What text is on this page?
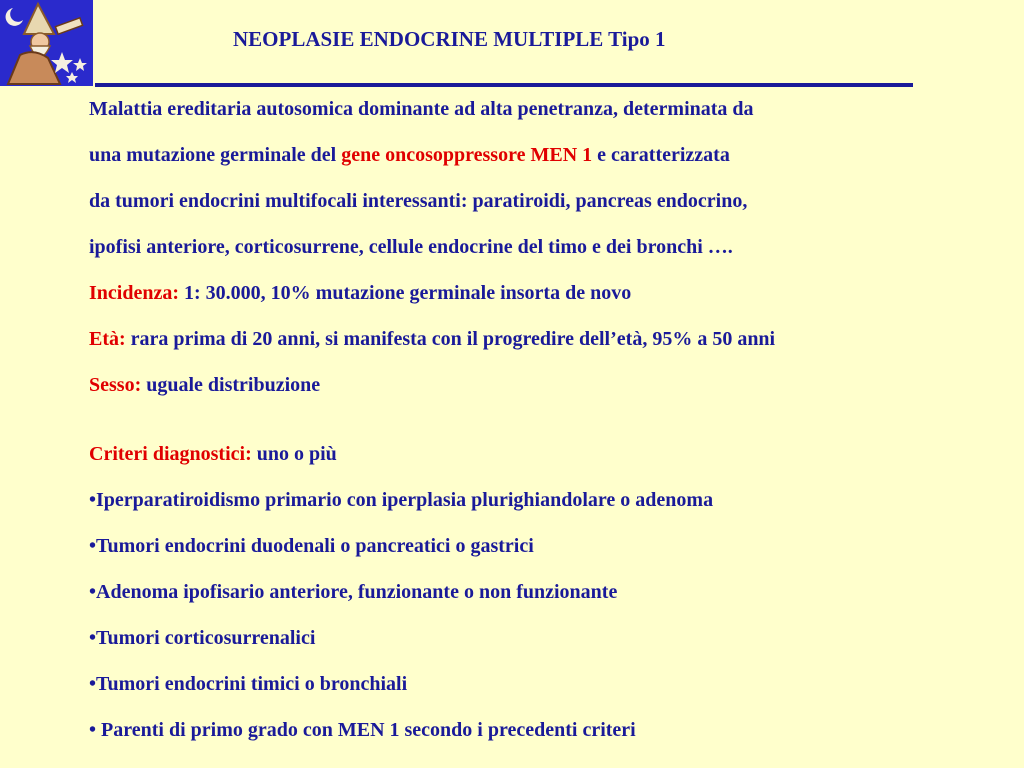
NEOPLASIE ENDOCRINE MULTIPLE Tipo 1
Malattia ereditaria autosomica dominante ad alta penetranza, determinata da
una mutazione germinale del gene oncosoppressore MEN 1 e caratterizzata
da tumori endocrini multifocali interessanti: paratiroidi, pancreas endocrino,
ipofisi anteriore, corticosurrene, cellule endocrine del timo e dei bronchi ….
Incidenza: 1: 30.000, 10% mutazione germinale insorta de novo
Età: rara prima di 20 anni, si manifesta con il progredire dell’età, 95% a 50 anni
Sesso: uguale distribuzione
Criteri diagnostici: uno o più
•Iperparatiroidismo primario con iperplasia plurighiandolare o adenoma
•Tumori endocrini duodenali o pancreatici o gastrici
•Adenoma ipofisario anteriore, funzionante o non funzionante
•Tumori corticosurrenalici
•Tumori endocrini timici o bronchiali
• Parenti di primo grado con MEN 1 secondo i precedenti criteri
